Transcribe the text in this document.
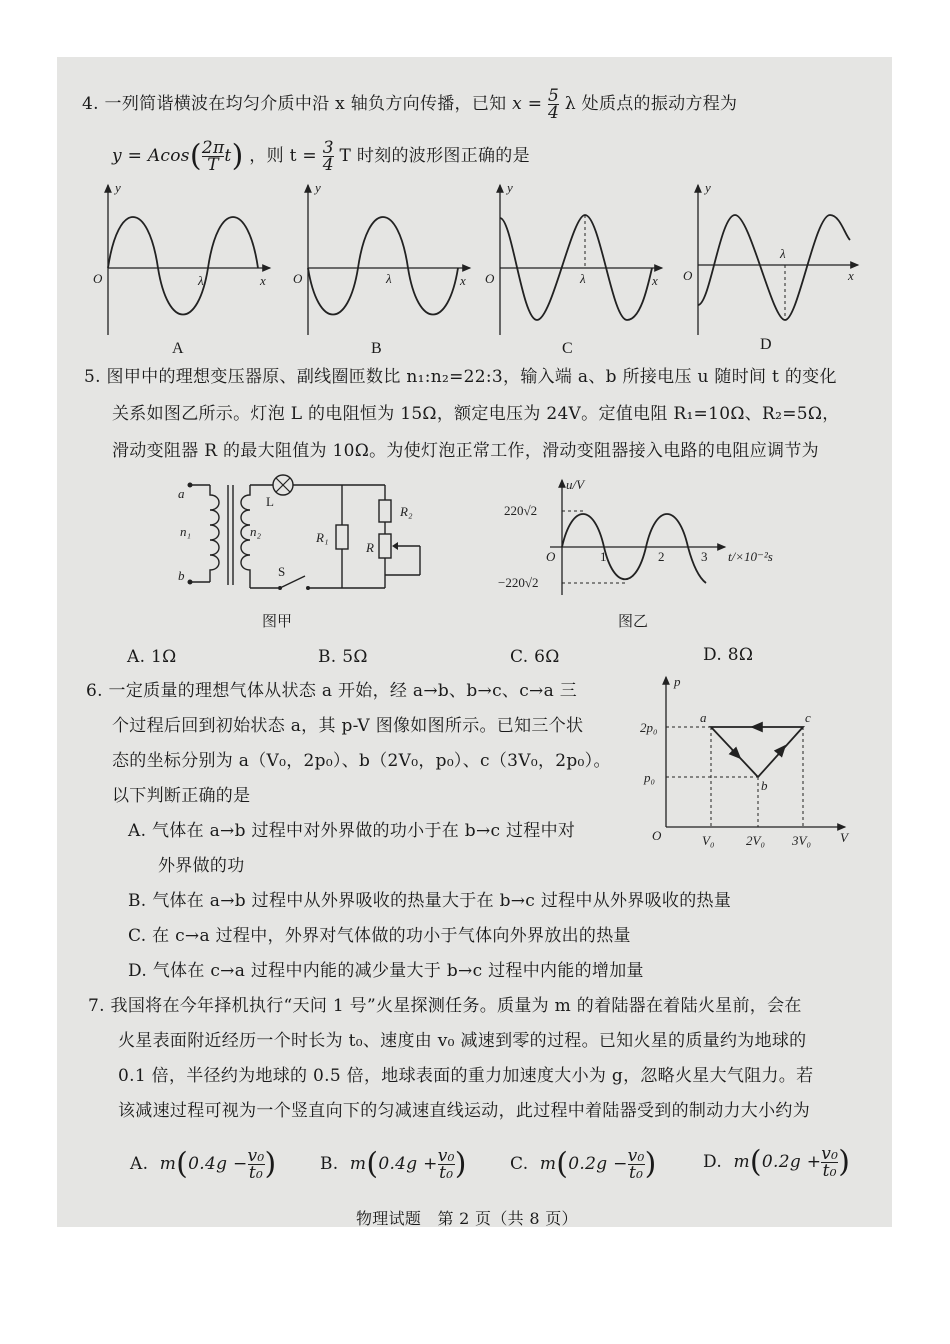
4. 一列简谐横波在均匀介质中沿 x 轴负方向传播，已知 $x = \frac{5}{4}$ λ 处质点的振动方程为
$y = Acos( \frac{2\pi}{T} t)$ ，则 $t = \frac{3}{4}$ T 时刻的波形图正确的是
y
O	λ	x
A
y
O	λ	x
B
y
O	λ	x
C
y
O
λ
x
D
5. 图甲中的理想变压器原、副线圈匝数比 n₁:n₂=22:3，输入端 a、b 所接电压 u 随时间 t 的变化
关系如图乙所示。灯泡 L 的电阻恒为 15Ω，额定电压为 24V。定值电阻 R₁=10Ω、R₂=5Ω，
滑动变阻器 R 的最大阻值为 10Ω。为使灯泡正常工作，滑动变阻器接入电路的电阻应调节为
a
b
n₁	n₂
L
S
R₁
R₂
R
图甲
u/V
220√2
−220√2
O	1	2	3 t/×10⁻²s
图乙
A. 1Ω	B. 5Ω	C. 6Ω	D. 8Ω
6. 一定质量的理想气体从状态 a 开始，经 a→b、b→c、c→a 三
个过程后回到初始状态 a，其 p-V 图像如图所示。已知三个状
态的坐标分别为 a（V₀，2p₀）、b（2V₀，p₀）、c（3V₀，2p₀）。
以下判断正确的是
A. 气体在 a→b 过程中对外界做的功小于在 b→c 过程中对
外界做的功
B. 气体在 a→b 过程中从外界吸收的热量大于在 b→c 过程中从外界吸收的热量
C. 在 c→a 过程中，外界对气体做的功小于气体向外界放出的热量
D. 气体在 c→a 过程中内能的减少量大于 b→c 过程中内能的增加量
p
2p₀
p₀
O	V₀ 2V₀ 3V₀ V
a
b
c
7. 我国将在今年择机执行“天问 1 号”火星探测任务。质量为 m 的着陆器在着陆火星前，会在
火星表面附近经历一个时长为 t₀、速度由 v₀ 减速到零的过程。已知火星的质量约为地球的
0.1 倍，半径约为地球的 0.5 倍，地球表面的重力加速度大小为 g，忽略火星大气阻力。若
该减速过程可视为一个竖直向下的匀减速直线运动，此过程中着陆器受到的制动力大小约为
A. $m(0.4g - \frac{\text{v₀}}{\text{t₀}}$ )	B. $m(0.4g + \frac{\text{v₀}}{\text{t₀}}$ )	C. $m(0.2g - \frac{\text{v₀}}{\text{t₀}}$ )	D. $m(0.2g + \frac{\text{v₀}}{\text{t₀}}$ )
物理试题　第 2 页（共 8 页）
